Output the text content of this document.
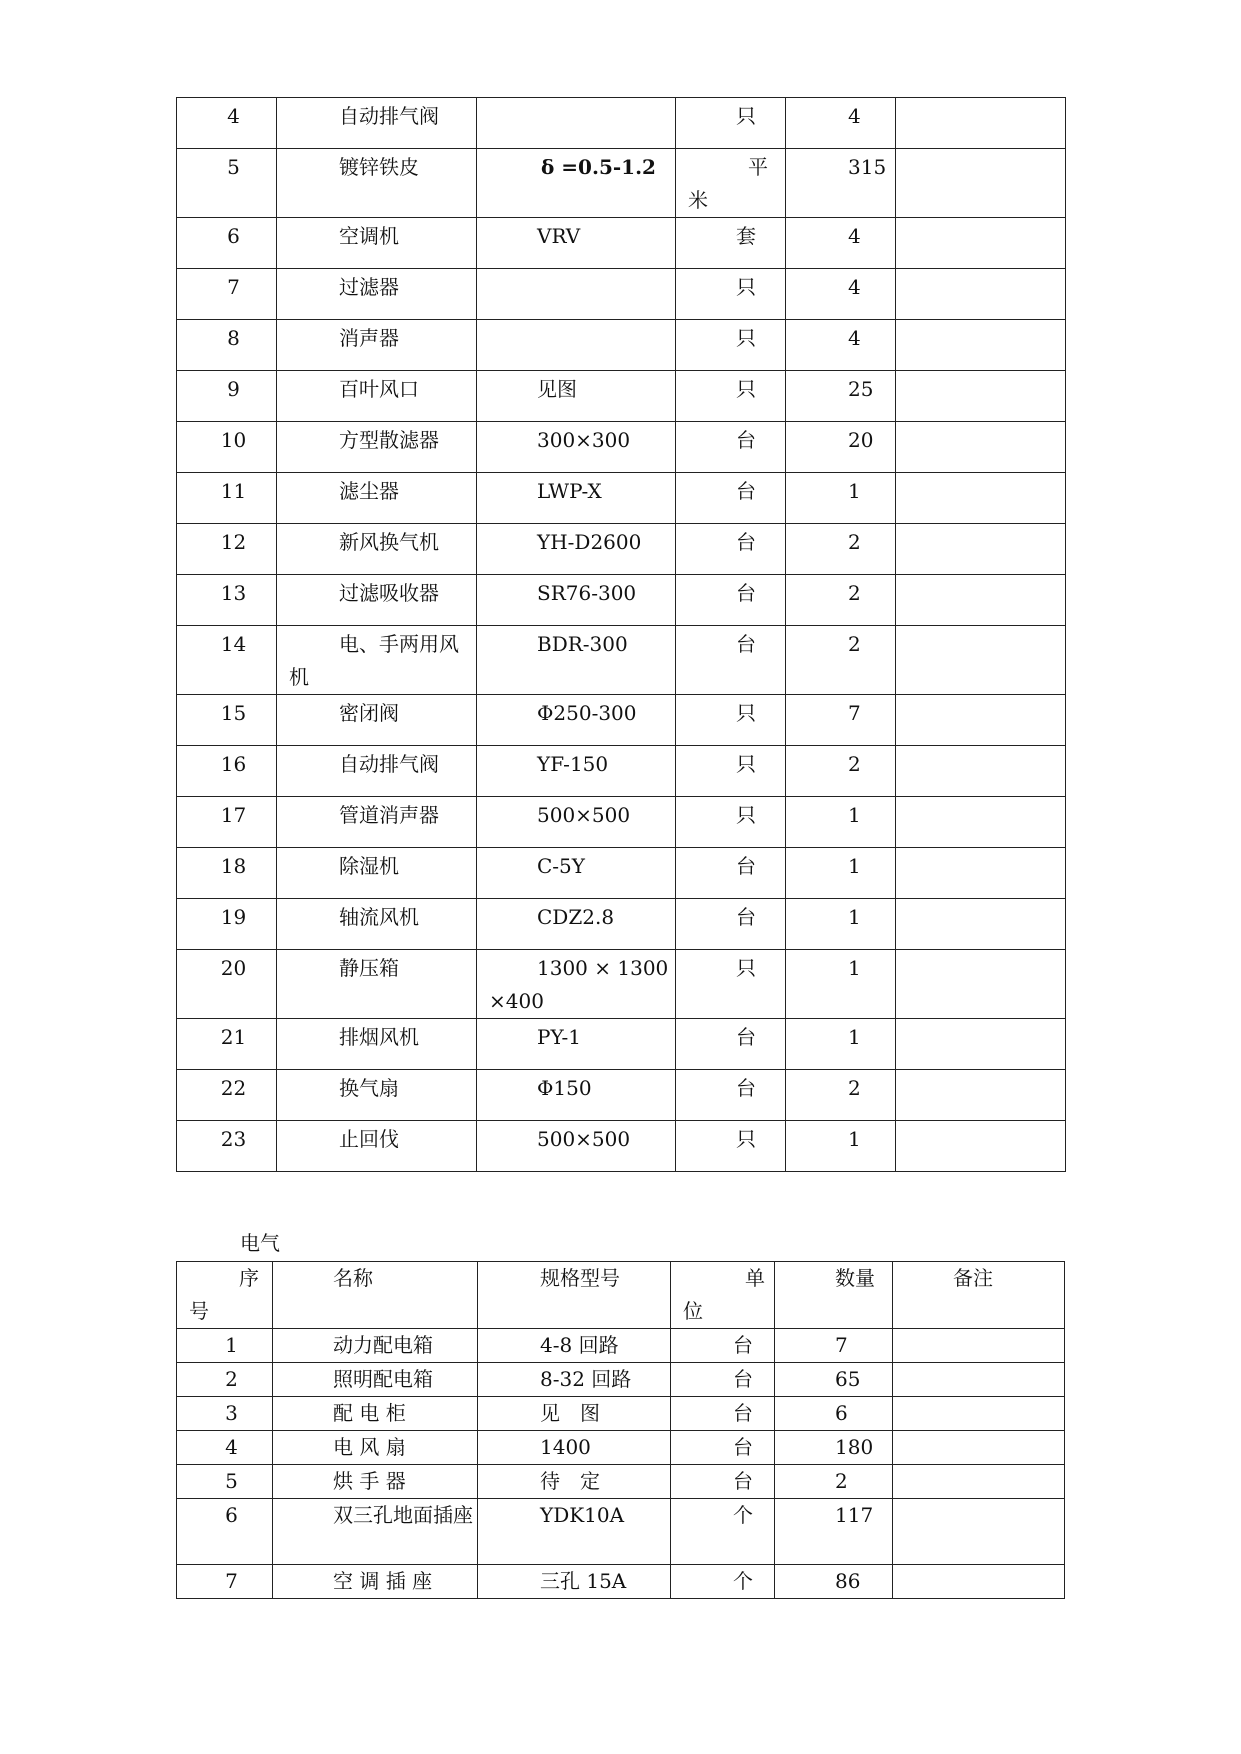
4	自动排气阀		只	4	

5	镀锌铁皮	δ =0.5-1.2	平米	315	

6	空调机	VRV	套	4	

7	过滤器		只	4	

8	消声器		只	4	

9	百叶风口	见图	只	25	

10	方型散滤器	300×300	台	20	

11	滤尘器	LWP-X	台	1	

12	新风换气机	YH-D2600	台	2	

13	过滤吸收器	SR76-300	台	2	

14	电、手两用风机	BDR-300	台	2	

15	密闭阀	Φ250-300	只	7	

16	自动排气阀	YF-150	只	2	

17	管道消声器	500×500	只	1	

18	除湿机	C-5Y	台	1	

19	轴流风机	CDZ2.8	台	1	

20	静压箱	1300 × 1300 ×400	只	1	

21	排烟风机	PY-1	台	1	

22	换气扇	Φ150	台	2	

23	止回伐	500×500	只	1	

电气
序号	名称	规格型号	单位	数量	备注

1	动力配电箱	4-8 回路	台	7	

2	照明配电箱	8-32 回路	台	65	

3	配 电 柜	见　图	台	6	

4	电 风 扇	1400	台	180	

5	烘 手 器	待　定	台	2	

6	双三孔地面插座	YDK10A	个	117	

7	空 调 插 座	三孔 15A	个	86	
